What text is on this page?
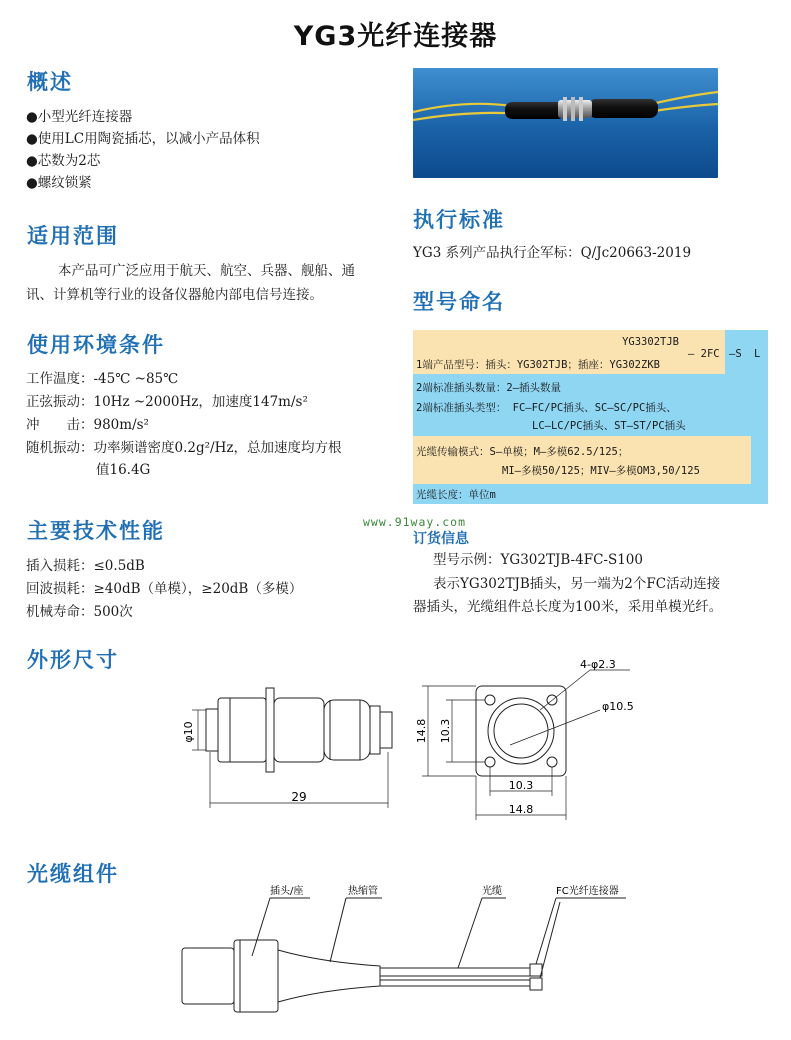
YG3光纤连接器
概述
●小型光纤连接器
●使用LC用陶瓷插芯，以减小产品体积
●芯数为2芯
●螺纹锁紧
适用范围
本产品可广泛应用于航天、航空、兵器、舰船、通
讯、计算机等行业的设备仪器舱内部电信号连接。
使用环境条件
工作温度：-45℃ ~85℃
正弦振动：10Hz ~2000Hz，加速度147m/s²
冲　　击：980m/s²
随机振动：功率频谱密度0.2g²/Hz，总加速度均方根
值16.4G
主要技术性能
插入损耗：≤0.5dB
回波损耗：≥40dB（单模），≥20dB（多模）
机械寿命：500次
执行标准
YG3 系列产品执行企军标：Q/Jc20663-2019
型号命名
YG3302TJB
1端产品型号：插头：YG302TJB；插座：YG302ZKB
— 2FC —S L
2端标准插头数量：2—插头数量
2端标准插头类型： FC—FC/PC插头、SC—SC/PC插头、
LC—LC/PC插头、ST—ST/PC插头
光缆传输模式：S—单模；M—多模62.5/125；
MI—多模50/125；MIV—多模OM3,50/125
光缆长度：单位m
www.91way.com
订货信息
型号示例：YG302TJB-4FC-S100
表示YG302TJB插头，另一端为2个FC活动连接
器插头，光缆组件总长度为100米，采用单模光纤。
外形尺寸
φ10
29
4-φ2.3
φ10.5
14.8 10.3
10.3
14.8
光缆组件
插头/座	热缩管	光缆	FC光纤连接器
